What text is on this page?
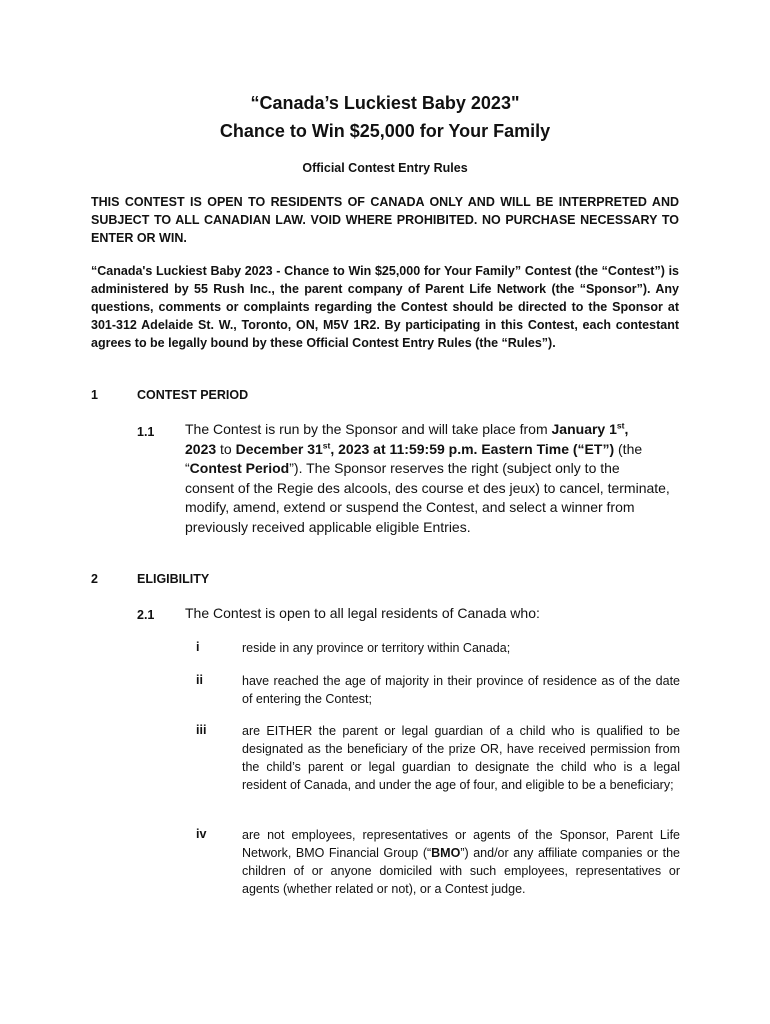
“Canada’s Luckiest Baby 2023"
Chance to Win $25,000 for Your Family
Official Contest Entry Rules

THIS CONTEST IS OPEN TO RESIDENTS OF CANADA ONLY AND WILL BE INTERPRETED AND SUBJECT TO ALL CANADIAN LAW. VOID WHERE PROHIBITED. NO PURCHASE NECESSARY TO ENTER OR WIN.

“Canada's Luckiest Baby 2023 - Chance to Win $25,000 for Your Family” Contest (the “Contest”) is administered by 55 Rush Inc., the parent company of Parent Life Network (the “Sponsor”). Any questions, comments or complaints regarding the Contest should be directed to the Sponsor at 301-312 Adelaide St. W., Toronto, ON, M5V 1R2. By participating in this Contest, each contestant agrees to be legally bound by these Official Contest Entry Rules (the “Rules”).

1	CONTEST PERIOD
1.1 The Contest is run by the Sponsor and will take place from January 1st,
2023 to December 31st, 2023 at 11:59:59 p.m. Eastern Time (“ET”) (the “Contest Period”). The Sponsor reserves the right (subject only to the consent of the Regie des alcools, des course et des jeux) to cancel, terminate, modify, amend, extend or suspend the Contest, and select a winner from previously received applicable eligible Entries.

2	ELIGIBILITY
2.1 The Contest is open to all legal residents of Canada who:

i	reside in any province or territory within Canada;

ii	have reached the age of majority in their province of residence as of the date of entering the Contest;

iii	are EITHER the parent or legal guardian of a child who is qualified to be designated as the beneficiary of the prize OR, have received permission from the child’s parent or legal guardian to designate the child who is a legal resident of Canada, and under the age of four, and eligible to be a beneficiary;

iv	are not employees, representatives or agents of the Sponsor, Parent Life Network, BMO Financial Group (“BMO”) and/or any affiliate companies or the children of or anyone domiciled with such employees, representatives or agents (whether related or not), or a Contest judge.
